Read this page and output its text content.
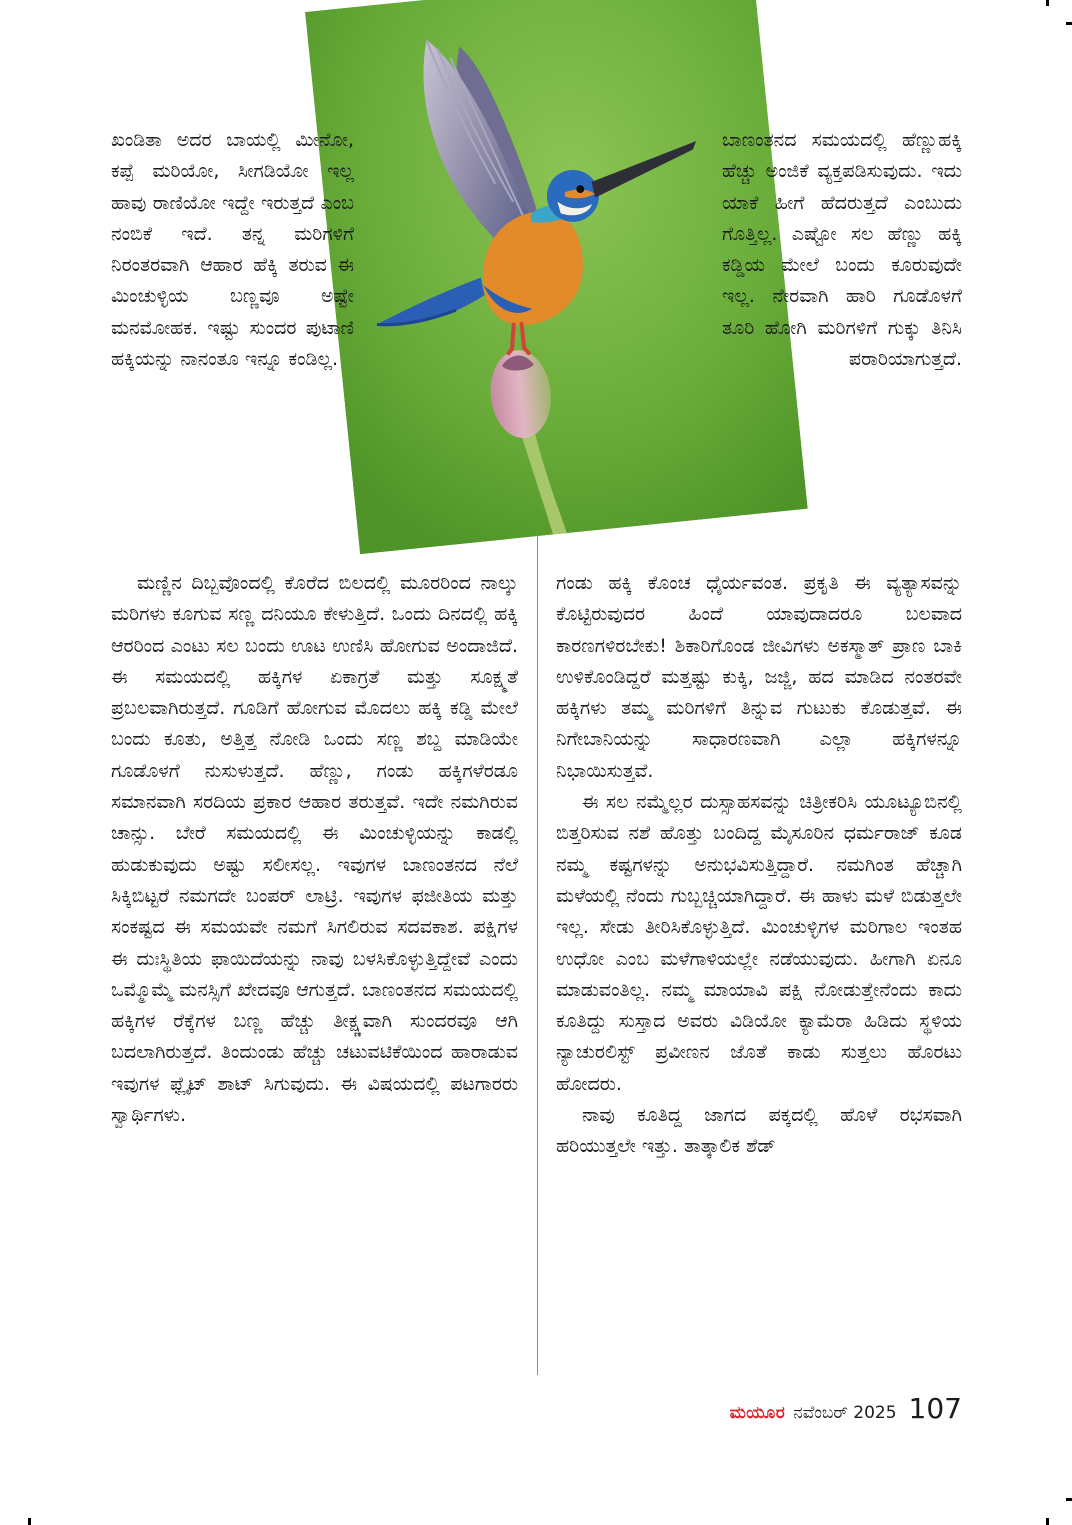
ಖಂಡಿತಾ ಅದರ ಬಾಯಲ್ಲಿ ಮೀನೋ, ಕಪ್ಪೆ ಮರಿಯೋ, ಸೀಗಡಿಯೋ ಇಲ್ಲ ಹಾವು ರಾಣಿಯೋ ಇದ್ದೇ ಇರುತ್ತದೆ ಎಂಬ ನಂಬಿಕೆ ಇದೆ. ತನ್ನ ಮರಿಗಳಿಗೆ ನಿರಂತರವಾಗಿ ಆಹಾರ ಹೆಕ್ಕಿ ತರುವ ಈ ಮಿಂಚುಳ್ಳಿಯ ಬಣ್ಣವೂ ಅಷ್ಟೇ ಮನಮೋಹಕ. ಇಷ್ಟು ಸುಂದರ ಪುಟಾಣಿ ಹಕ್ಕಿಯನ್ನು ನಾನಂತೂ ಇನ್ನೂ ಕಂಡಿಲ್ಲ.

ಮಣ್ಣಿನ ದಿಬ್ಬವೊಂದಲ್ಲಿ ಕೊರೆದ ಬಿಲದಲ್ಲಿ ಮೂರರಿಂದ ನಾಲ್ಕು ಮರಿಗಳು ಕೂಗುವ ಸಣ್ಣ ದನಿಯೂ ಕೇಳುತ್ತಿದೆ. ಒಂದು ದಿನದಲ್ಲಿ ಹಕ್ಕಿ ಆರರಿಂದ ಎಂಟು ಸಲ ಬಂದು ಊಟ ಉಣಿಸಿ ಹೋಗುವ ಅಂದಾಜಿದೆ. ಈ ಸಮಯದಲ್ಲಿ ಹಕ್ಕಿಗಳ ಏಕಾಗ್ರತೆ ಮತ್ತು ಸೂಕ್ಷ್ಮತೆ ಪ್ರಬಲವಾಗಿರುತ್ತದೆ. ಗೂಡಿಗೆ ಹೋಗುವ ಮೊದಲು ಹಕ್ಕಿ ಕಡ್ಡಿ ಮೇಲೆ ಬಂದು ಕೂತು, ಅತ್ತಿತ್ತ ನೋಡಿ ಒಂದು ಸಣ್ಣ ಶಬ್ದ ಮಾಡಿಯೇ ಗೂಡೊಳಗೆ ನುಸುಳುತ್ತದೆ. ಹೆಣ್ಣು, ಗಂಡು ಹಕ್ಕಿಗಳೆರಡೂ ಸಮಾನವಾಗಿ ಸರದಿಯ ಪ್ರಕಾರ ಆಹಾರ ತರುತ್ತವೆ. ಇದೇ ನಮಗಿರುವ ಚಾನ್ಸು. ಬೇರೆ ಸಮಯದಲ್ಲಿ ಈ ಮಿಂಚುಳ್ಳಿಯನ್ನು ಕಾಡಲ್ಲಿ ಹುಡುಕುವುದು ಅಷ್ಟು ಸಲೀಸಲ್ಲ. ಇವುಗಳ ಬಾಣಂತನದ ನೆಲೆ ಸಿಕ್ಕಿಬಿಟ್ಟರೆ ನಮಗದೇ ಬಂಪರ್ ಲಾಟ್ರಿ. ಇವುಗಳ ಫಜೀತಿಯ ಮತ್ತು ಸಂಕಷ್ಟದ ಈ ಸಮಯವೇ ನಮಗೆ ಸಿಗಲಿರುವ ಸದವಕಾಶ. ಪಕ್ಷಿಗಳ ಈ ದುಃಸ್ಥಿತಿಯ ಫಾಯಿದೆಯನ್ನು ನಾವು ಬಳಸಿಕೊಳ್ಳುತ್ತಿದ್ದೇವೆ ಎಂದು ಒಮ್ಮೊಮ್ಮೆ ಮನಸ್ಸಿಗೆ ಖೇದವೂ ಆಗುತ್ತದೆ. ಬಾಣಂತನದ ಸಮಯದಲ್ಲಿ ಹಕ್ಕಿಗಳ ರೆಕ್ಕೆಗಳ ಬಣ್ಣ ಹೆಚ್ಚು ತೀಕ್ಷ್ಣವಾಗಿ ಸುಂದರವೂ ಆಗಿ ಬದಲಾಗಿರುತ್ತದೆ. ತಿಂದುಂಡು ಹೆಚ್ಚು ಚಟುವಟಿಕೆಯಿಂದ ಹಾರಾಡುವ ಇವುಗಳ ಫ್ಲೈಟ್ ಶಾಟ್ ಸಿಗುವುದು. ಈ ವಿಷಯದಲ್ಲಿ ಪಟಗಾರರು ಸ್ವಾರ್ಥಿಗಳು.

ಬಾಣಂತನದ ಸಮಯದಲ್ಲಿ ಹೆಣ್ಣುಹಕ್ಕಿ ಹೆಚ್ಚು ಅಂಜಿಕೆ ವ್ಯಕ್ತಪಡಿಸುವುದು. ಇದು ಯಾಕೆ ಹೀಗೆ ಹೆದರುತ್ತದೆ ಎಂಬುದು ಗೊತ್ತಿಲ್ಲ. ಎಷ್ಟೋ ಸಲ ಹೆಣ್ಣು ಹಕ್ಕಿ ಕಡ್ಡಿಯ ಮೇಲೆ ಬಂದು ಕೂರುವುದೇ ಇಲ್ಲ. ನೇರವಾಗಿ ಹಾರಿ ಗೂಡೊಳಗೆ ತೂರಿ ಹೋಗಿ ಮರಿಗಳಿಗೆ ಗುಕ್ಕು ತಿನಿಸಿ ಪರಾರಿಯಾಗುತ್ತದೆ.

ಗಂಡು ಹಕ್ಕಿ ಕೊಂಚ ಧೈರ್ಯವಂತ. ಪ್ರಕೃತಿ ಈ ವ್ಯತ್ಯಾಸವನ್ನು ಕೊಟ್ಟಿರುವುದರ ಹಿಂದೆ ಯಾವುದಾದರೂ ಬಲವಾದ ಕಾರಣಗಳಿರಬೇಕು! ಶಿಕಾರಿಗೊಂಡ ಜೀವಿಗಳು ಅಕಸ್ಮಾತ್ ಪ್ರಾಣ ಬಾಕಿ ಉಳಿಕೊಂಡಿದ್ದರೆ ಮತ್ತಷ್ಟು ಕುಕ್ಕಿ, ಜಜ್ಜಿ, ಹದ ಮಾಡಿದ ನಂತರವೇ ಹಕ್ಕಿಗಳು ತಮ್ಮ ಮರಿಗಳಿಗೆ ತಿನ್ನುವ ಗುಟುಕು ಕೊಡುತ್ತವೆ. ಈ ನಿಗೇಬಾನಿಯನ್ನು ಸಾಧಾರಣವಾಗಿ ಎಲ್ಲಾ ಹಕ್ಕಿಗಳನ್ನೂ ನಿಭಾಯಿಸುತ್ತವೆ.

ಈ ಸಲ ನಮ್ಮೆಲ್ಲರ ದುಸ್ಸಾಹಸವನ್ನು ಚಿತ್ರೀಕರಿಸಿ ಯೂಟ್ಯೂಬಿನಲ್ಲಿ ಬಿತ್ತರಿಸುವ ನಶೆ ಹೊತ್ತು ಬಂದಿದ್ದ ಮೈಸೂರಿನ ಧರ್ಮರಾಜ್ ಕೂಡ ನಮ್ಮ ಕಷ್ಟಗಳನ್ನು ಅನುಭವಿಸುತ್ತಿದ್ದಾರೆ. ನಮಗಿಂತ ಹೆಚ್ಚಾಗಿ ಮಳೆಯಲ್ಲಿ ನೆಂದು ಗುಬ್ಬಚ್ಚಿಯಾಗಿದ್ದಾರೆ. ಈ ಹಾಳು ಮಳೆ ಬಿಡುತ್ತಲೇ ಇಲ್ಲ. ಸೇಡು ತೀರಿಸಿಕೊಳ್ಳುತ್ತಿದೆ. ಮಿಂಚುಳ್ಳಿಗಳ ಮರಿಗಾಲ ಇಂತಹ ಉಧೋ ಎಂಬ ಮಳೆಗಾಳಿಯಲ್ಲೇ ನಡೆಯುವುದು. ಹೀಗಾಗಿ ಏನೂ ಮಾಡುವಂತಿಲ್ಲ. ನಮ್ಮ ಮಾಯಾವಿ ಪಕ್ಷಿ ನೋಡುತ್ತೇನೆಂದು ಕಾದು ಕೂತಿದ್ದು ಸುಸ್ತಾದ ಅವರು ವಿಡಿಯೋ ಕ್ಯಾಮೆರಾ ಹಿಡಿದು ಸ್ಥಳಿಯ ನ್ಯಾಚುರಲಿಸ್ಟ್ ಪ್ರವೀಣನ ಜೊತೆ ಕಾಡು ಸುತ್ತಲು ಹೊರಟು ಹೋದರು.

ನಾವು ಕೂತಿದ್ದ ಜಾಗದ ಪಕ್ಕದಲ್ಲಿ ಹೊಳೆ ರಭಸವಾಗಿ ಹರಿಯುತ್ತಲೇ ಇತ್ತು. ತಾತ್ಕಾಲಿಕ ಶೆಡ್

ಮಯೂರ ನವೆಂಬರ್ 2025 107
